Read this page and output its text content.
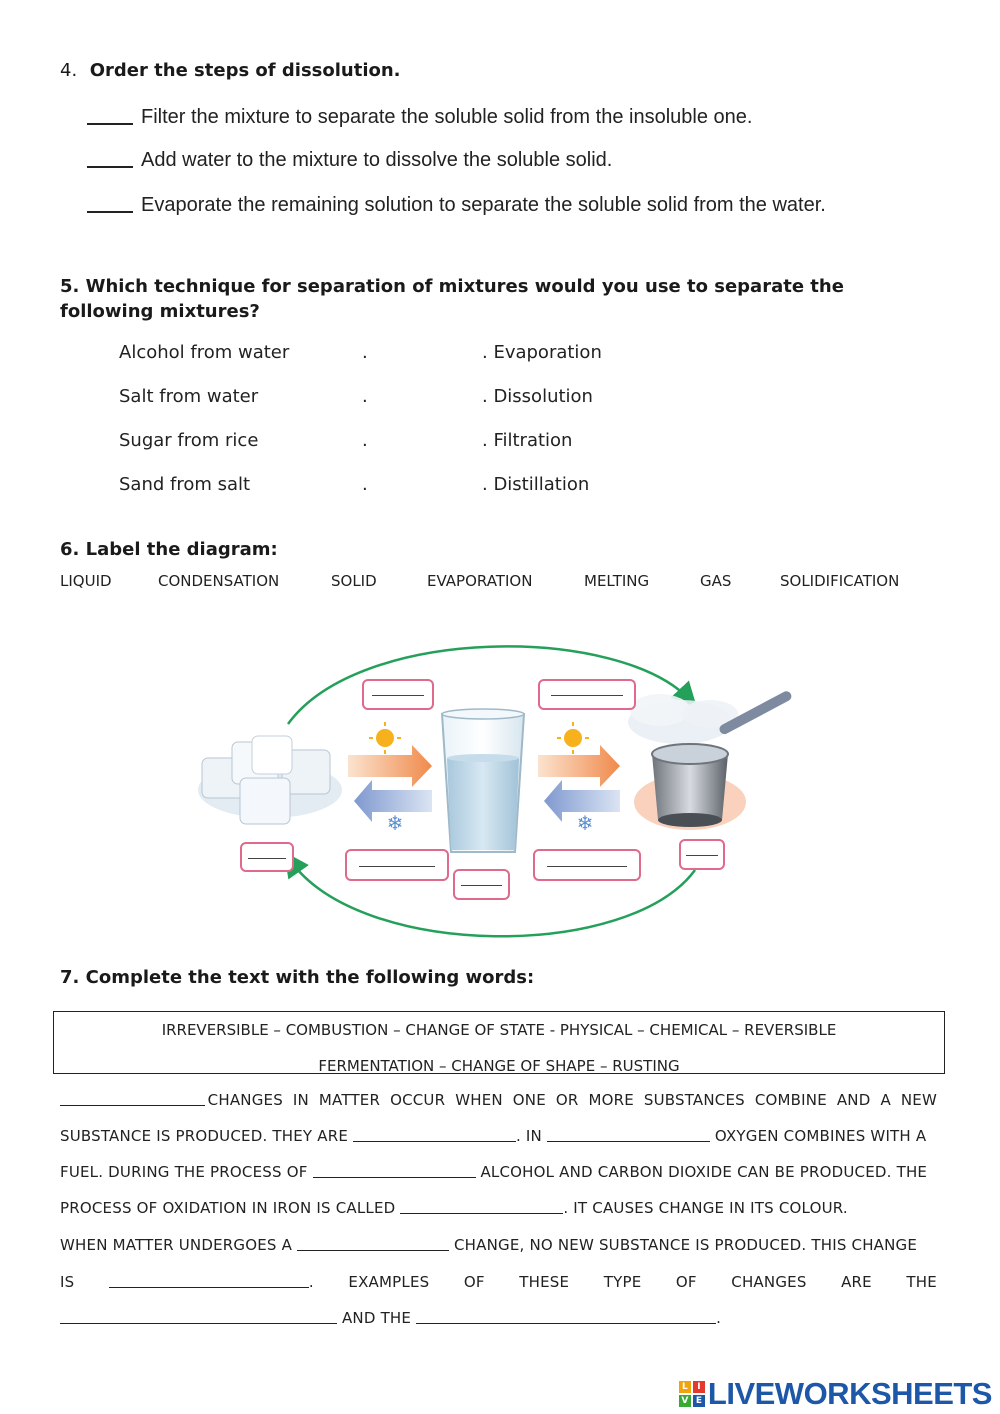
4. Order the steps of dissolution.
Filter the mixture to separate the soluble solid from the insoluble one.
Add water to the mixture to dissolve the soluble solid.
Evaporate the remaining solution to separate the soluble solid from the water.
5. Which technique for separation of mixtures would you use to separate the
following mixtures?
Alcohol from water	.	. Evaporation
Salt from water	.	. Dissolution
Sugar from rice	.	. Filtration
Sand from salt	.	. Distillation
6. Label the diagram:
LIQUID	CONDENSATION	SOLID	EVAPORATION	MELTING	GAS	SOLIDIFICATION
❄	❄
7. Complete the text with the following words:
IRREVERSIBLE – COMBUSTION – CHANGE OF STATE - PHYSICAL – CHEMICAL – REVERSIBLE
FERMENTATION – CHANGE OF SHAPE – RUSTING
CHANGES IN MATTER OCCUR WHEN ONE OR MORE SUBSTANCES COMBINE AND A NEW
SUBSTANCE IS PRODUCED. THEY ARE	. IN	OXYGEN COMBINES WITH A
FUEL. DURING THE PROCESS OF	ALCOHOL AND CARBON DIOXIDE CAN BE PRODUCED. THE
PROCESS OF OXIDATION IN IRON IS CALLED	. IT CAUSES CHANGE IN ITS COLOUR.
WHEN MATTER UNDERGOES A	CHANGE, NO NEW SUBSTANCE IS PRODUCED. THIS CHANGE
IS	. EXAMPLES OF THESE TYPE OF CHANGES ARE THE
AND THE	.
L	I
V E LIVEWORKSHEETS
